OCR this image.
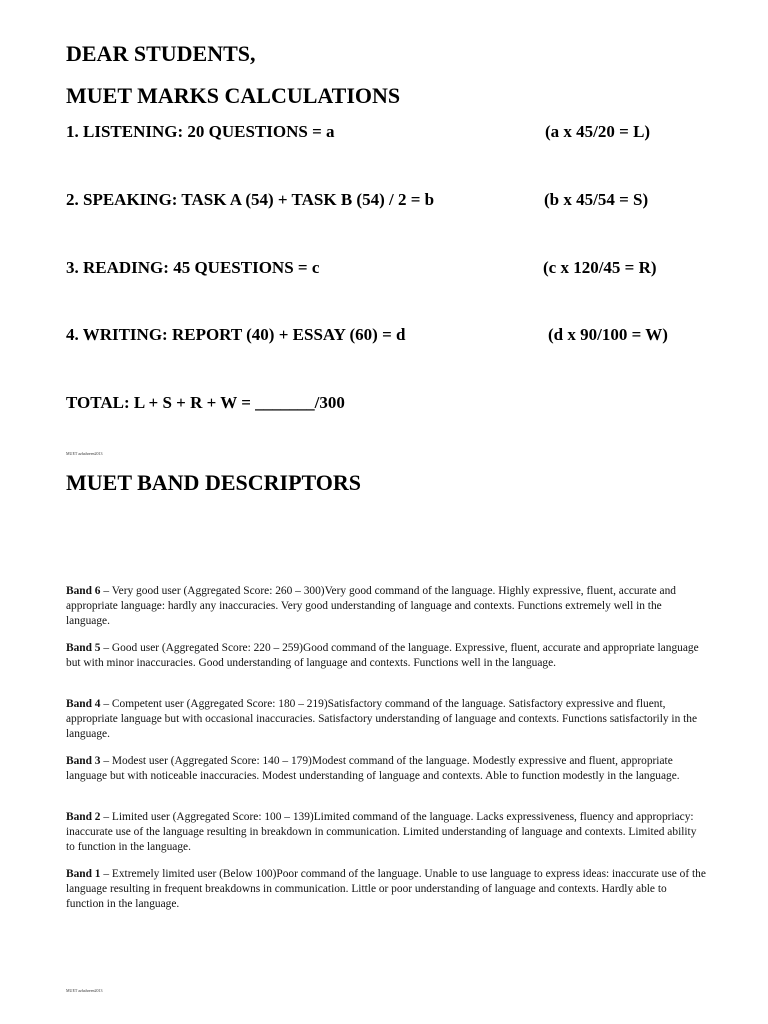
DEAR STUDENTS,
MUET MARKS CALCULATIONS
1. LISTENING: 20 QUESTIONS = a	(a x 45/20 = L)
2. SPEAKING: TASK A (54) + TASK B (54) / 2 = b	(b x 45/54 = S)
3. READING: 45 QUESTIONS = c	(c x 120/45 = R)
4. WRITING: REPORT (40) + ESSAY (60) = d	(d x 90/100 = W)
TOTAL: L + S + R + W = _______/300
MUET azhahreen2013
MUET BAND DESCRIPTORS
Band 6 – Very good user (Aggregated Score: 260 – 300)Very good command of the language. Highly expressive, fluent, accurate and appropriate language: hardly any inaccuracies. Very good understanding of language and contexts. Functions extremely well in the language.
Band 5 – Good user (Aggregated Score: 220 – 259)Good command of the language. Expressive, fluent, accurate and appropriate language but with minor inaccuracies. Good understanding of language and contexts. Functions well in the language.
Band 4 – Competent user (Aggregated Score: 180 – 219)Satisfactory command of the language. Satisfactory expressive and fluent, appropriate language but with occasional inaccuracies. Satisfactory understanding of language and contexts. Functions satisfactorily in the language.
Band 3 – Modest user (Aggregated Score: 140 – 179)Modest command of the language. Modestly expressive and fluent, appropriate language but with noticeable inaccuracies. Modest understanding of language and contexts. Able to function modestly in the language.
Band 2 – Limited user (Aggregated Score: 100 – 139)Limited command of the language. Lacks expressiveness, fluency and appropriacy: inaccurate use of the language resulting in breakdown in communication. Limited understanding of language and contexts. Limited ability to function in the language.
Band 1 – Extremely limited user (Below 100)Poor command of the language. Unable to use language to express ideas: inaccurate use of the language resulting in frequent breakdowns in communication. Little or poor understanding of language and contexts. Hardly able to function in the language.
MUET azhahreen2013
